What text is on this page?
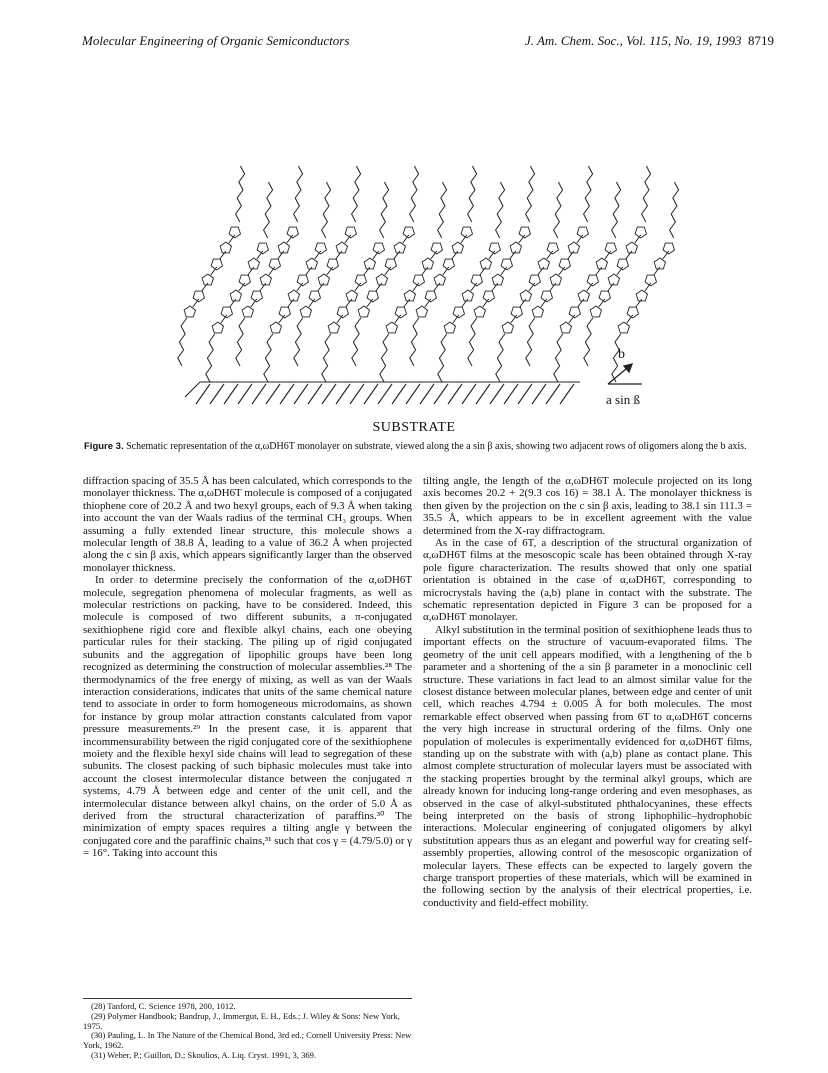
Molecular Engineering of Organic Semiconductors	J. Am. Chem. Soc., Vol. 115, No. 19, 1993 8719
b
a sin ß
SUBSTRATE
Figure 3. Schematic representation of the α,ωDH6T monolayer on substrate, viewed along the a sin β axis, showing two adjacent rows of oligomers along the b axis.

diffraction spacing of 35.5 Å has been calculated, which corresponds to the monolayer thickness. The α,ωDH6T molecule is composed of a conjugated thiophene core of 20.2 Å and two hexyl groups, each of 9.3 Å when taking into account the van der Waals radius of the terminal CH₃ groups. When assuming a fully extended linear structure, this molecule shows a molecular length of 38.8 Å, leading to a value of 36.2 Å when projected along the c sin β axis, which appears significantly larger than the observed monolayer thickness.

In order to determine precisely the conformation of the α,ωDH6T molecule, segregation phenomena of molecular fragments, as well as molecular restrictions on packing, have to be considered. Indeed, this molecule is composed of two different subunits, a π-conjugated sexithiophene rigid core and flexible alkyl chains, each one obeying particular rules for their stacking. The piling up of rigid conjugated subunits and the aggregation of lipophilic groups have been long recognized as determining the construction of molecular assemblies.²⁸ The thermodynamics of the free energy of mixing, as well as van der Waals interaction considerations, indicates that units of the same chemical nature tend to associate in order to form homogeneous microdomains, as shown for instance by group molar attraction constants calculated from vapor pressure measurements.²⁹ In the present case, it is apparent that incommensurability between the rigid conjugated core of the sexithiophene moiety and the flexible hexyl side chains will lead to segregation of these subunits. The closest packing of such biphasic molecules must take into account the closest intermolecular distance between the conjugated π systems, 4.79 Å between edge and center of the unit cell, and the intermolecular distance between alkyl chains, on the order of 5.0 Å as derived from the structural characterization of paraffins.³⁰ The minimization of empty spaces requires a tilting angle γ between the conjugated core and the paraffinic chains,³¹ such that cos γ = (4.79/5.0) or γ = 16°. Taking into account this

tilting angle, the length of the α,ωDH6T molecule projected on its long axis becomes 20.2 + 2(9.3 cos 16) = 38.1 Å. The monolayer thickness is then given by the projection on the c sin β axis, leading to 38.1 sin 111.3 = 35.5 Å, which appears to be in excellent agreement with the value determined from the X-ray diffractogram.

As in the case of 6T, a description of the structural organization of α,ωDH6T films at the mesoscopic scale has been obtained through X-ray pole figure characterization. The results showed that only one spatial orientation is obtained in the case of α,ωDH6T, corresponding to microcrystals having the (a,b) plane in contact with the substrate. The schematic representation depicted in Figure 3 can be proposed for a α,ωDH6T monolayer.

Alkyl substitution in the terminal position of sexithiophene leads thus to important effects on the structure of vacuum-evaporated films. The geometry of the unit cell appears modified, with a lengthening of the b parameter and a shortening of the a sin β parameter in a monoclinic cell structure. These variations in fact lead to an almost similar value for the closest distance between molecular planes, between edge and center of unit cell, which reaches 4.794 ± 0.005 Å for both molecules. The most remarkable effect observed when passing from 6T to α,ωDH6T concerns the very high increase in structural ordering of the films. Only one population of molecules is experimentally evidenced for α,ωDH6T films, standing up on the substrate with with (a,b) plane as contact plane. This almost complete structuration of molecular layers must be associated with the stacking properties brought by the terminal alkyl groups, which are already known for inducing long-range ordering and even mesophases, as observed in the case of alkyl-substituted phthalocyanines, these effects being interpreted on the basis of strong liphophilic–hydrophobic interactions. Molecular engineering of conjugated oligomers by alkyl substitution appears thus as an elegant and powerful way for creating self-assembly properties, allowing control of the mesoscopic organization of molecular layers. These effects can be expected to largely govern the charge transport properties of these materials, which will be examined in the following section by the analysis of their electrical properties, i.e. conductivity and field-effect mobility.

(28) Tanford, C. Science 1978, 200, 1012.
(29) Polymer Handbook; Bandrup, J., Immergut, E. H., Eds.; J. Wiley & Sons: New York, 1975.
(30) Pauling, L. In The Nature of the Chemical Bond, 3rd ed.; Cornell University Press: New York, 1962.
(31) Weber, P.; Guillon, D.; Skoulios, A. Liq. Cryst. 1991, 3, 369.
